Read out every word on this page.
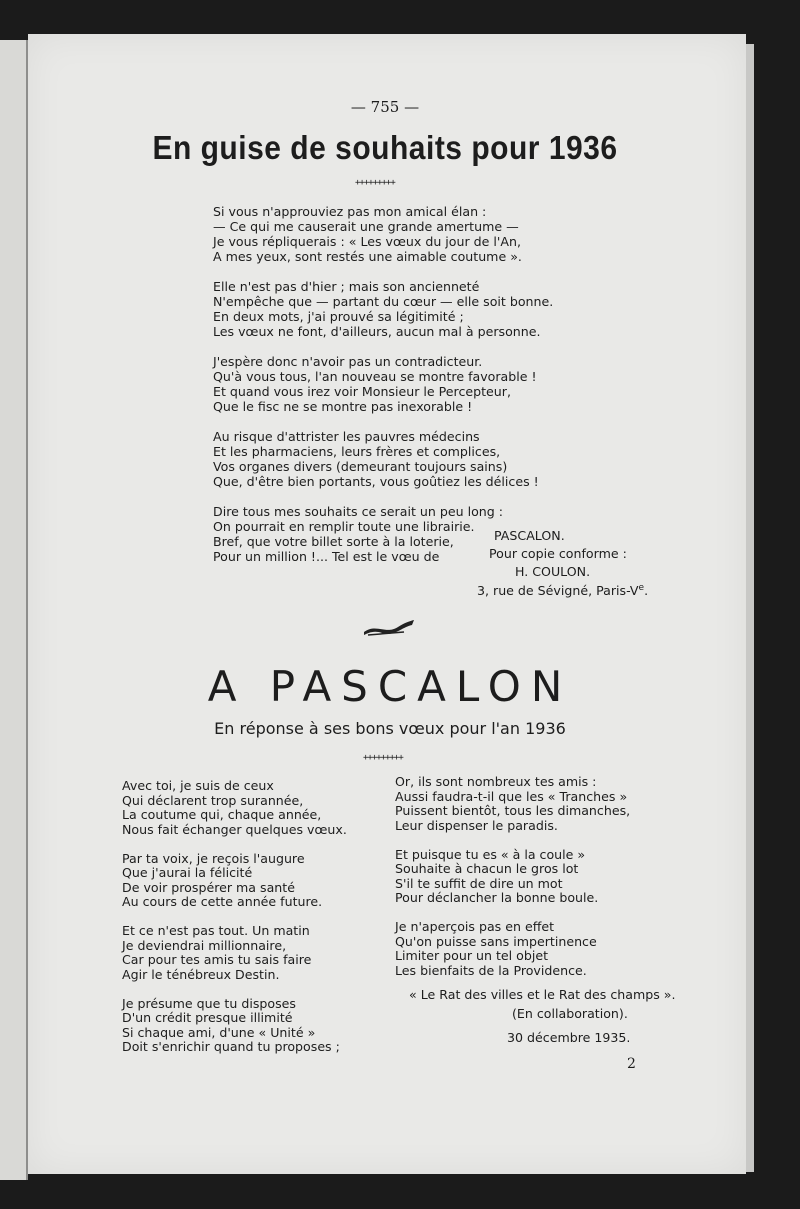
— 755 —
En guise de souhaits pour 1936
+++++++++
Si vous n'approuviez pas mon amical élan :
— Ce qui me causerait une grande amertume —
Je vous répliquerais : « Les vœux du jour de l'An,
A mes yeux, sont restés une aimable coutume ».
Elle n'est pas d'hier ; mais son ancienneté
N'empêche que — partant du cœur — elle soit bonne.
En deux mots, j'ai prouvé sa légitimité ;
Les vœux ne font, d'ailleurs, aucun mal à personne.
J'espère donc n'avoir pas un contradicteur.
Qu'à vous tous, l'an nouveau se montre favorable !
Et quand vous irez voir Monsieur le Percepteur,
Que le fisc ne se montre pas inexorable !
Au risque d'attrister les pauvres médecins
Et les pharmaciens, leurs frères et complices,
Vos organes divers (demeurant toujours sains)
Que, d'être bien portants, vous goûtiez les délices !
Dire tous mes souhaits ce serait un peu long :
On pourrait en remplir toute une librairie.
Bref, que votre billet sorte à la loterie,
Pour un million !... Tel est le vœu de
PASCALON.
Pour copie conforme :
H. COULON.
3, rue de Sévigné, Paris-Ve.
A PASCALON
En réponse à ses bons vœux pour l'an 1936
+++++++++
Avec toi, je suis de ceux
Qui déclarent trop surannée,
La coutume qui, chaque année,
Nous fait échanger quelques vœux.
Par ta voix, je reçois l'augure
Que j'aurai la félicité
De voir prospérer ma santé
Au cours de cette année future.
Et ce n'est pas tout. Un matin
Je deviendrai millionnaire,
Car pour tes amis tu sais faire
Agir le ténébreux Destin.
Je présume que tu disposes
D'un crédit presque illimité
Si chaque ami, d'une « Unité »
Doit s'enrichir quand tu proposes ;
Or, ils sont nombreux tes amis :
Aussi faudra-t-il que les « Tranches »
Puissent bientôt, tous les dimanches,
Leur dispenser le paradis.
Et puisque tu es « à la coule »
Souhaite à chacun le gros lot
S'il te suffit de dire un mot
Pour déclancher la bonne boule.
Je n'aperçois pas en effet
Qu'on puisse sans impertinence
Limiter pour un tel objet
Les bienfaits de la Providence.
« Le Rat des villes et le Rat des champs ».
(En collaboration).
30 décembre 1935.
2
